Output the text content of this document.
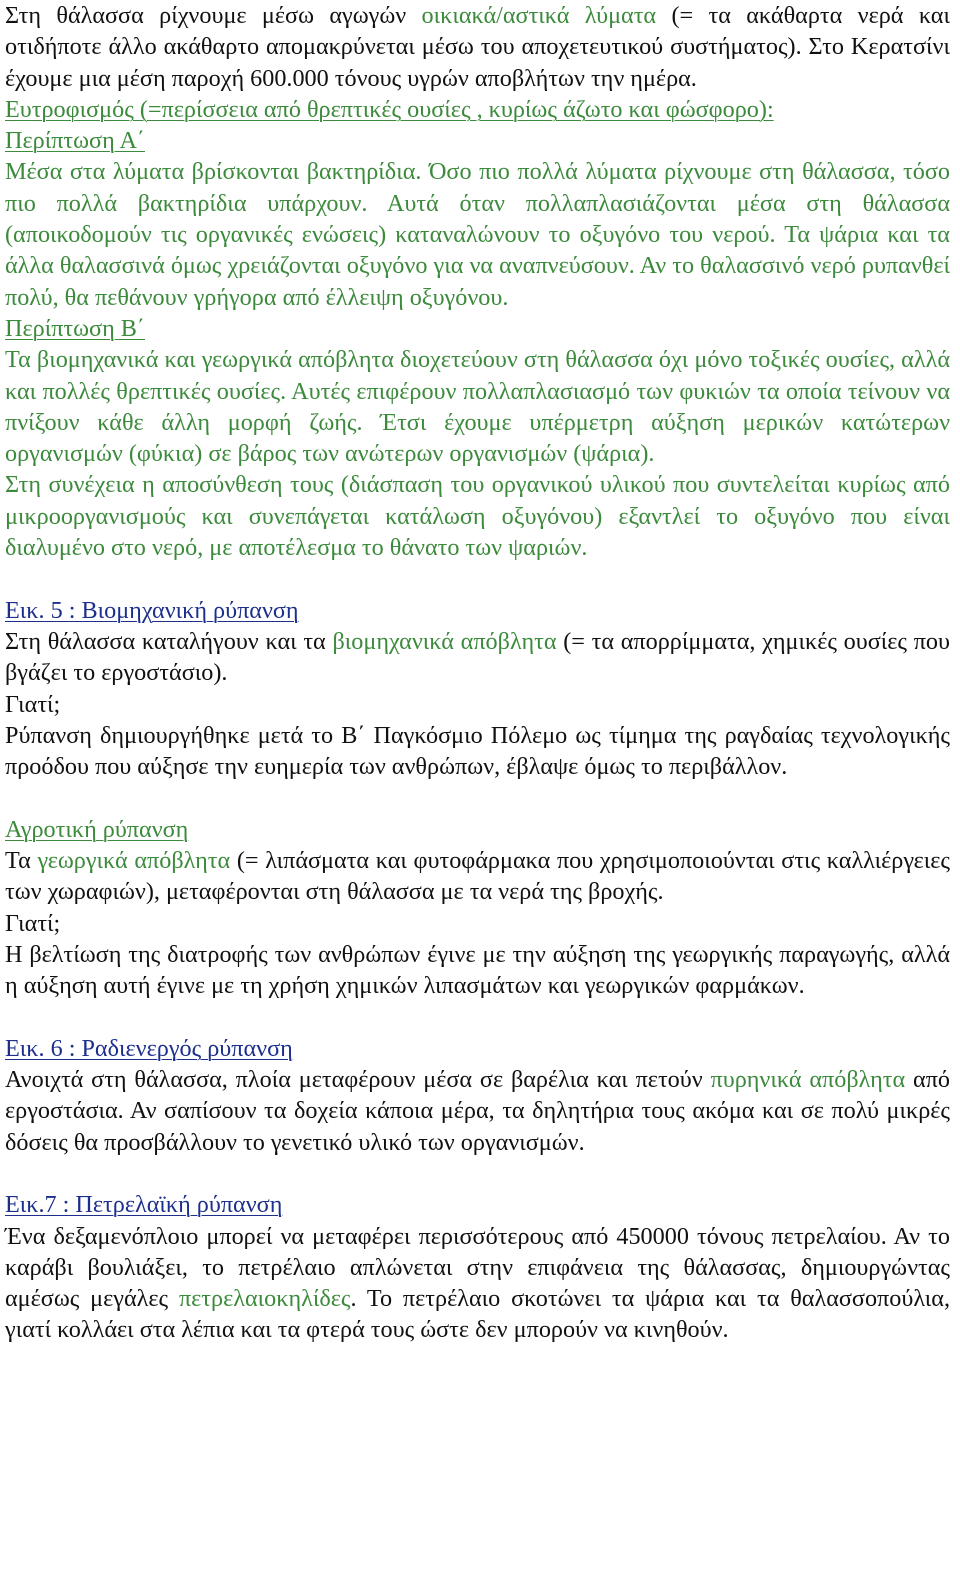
Στη θάλασσα ρίχνουμε μέσω αγωγών οικιακά/αστικά λύματα (= τα ακάθαρτα νερά και οτιδήποτε άλλο ακάθαρτο απομακρύνεται μέσω του αποχετευτικού συστήματος). Στο Κερατσίνι έχουμε μια μέση παροχή 600.000 τόνους υγρών αποβλήτων την ημέρα.

Ευτροφισμός (=περίσσεια από θρεπτικές ουσίες , κυρίως άζωτο και φώσφορο):

Περίπτωση Α΄

Μέσα στα λύματα βρίσκονται βακτηρίδια. Όσο πιο πολλά λύματα ρίχνουμε στη θάλασσα, τόσο πιο πολλά βακτηρίδια υπάρχουν. Αυτά όταν πολλαπλασιάζονται μέσα στη θάλασσα (αποικοδομούν τις οργανικές ενώσεις) καταναλώνουν το οξυγόνο του νερού. Τα ψάρια και τα άλλα θαλασσινά όμως χρειάζονται οξυγόνο για να αναπνεύσουν. Αν το θαλασσινό νερό ρυπανθεί πολύ, θα πεθάνουν γρήγορα από έλλειψη οξυγόνου.

Περίπτωση Β΄

Τα βιομηχανικά και γεωργικά απόβλητα διοχετεύουν στη θάλασσα όχι μόνο τοξικές ουσίες, αλλά και πολλές θρεπτικές ουσίες. Αυτές επιφέρουν πολλαπλασιασμό των φυκιών τα οποία τείνουν να πνίξουν κάθε άλλη μορφή ζωής. Έτσι έχουμε υπέρμετρη αύξηση μερικών κατώτερων οργανισμών (φύκια) σε βάρος των ανώτερων οργανισμών (ψάρια).

Στη συνέχεια η αποσύνθεση τους (διάσπαση του οργανικού υλικού που συντελείται κυρίως από μικροοργανισμούς και συνεπάγεται κατάλωση οξυγόνου) εξαντλεί το οξυγόνο που είναι διαλυμένο στο νερό, με αποτέλεσμα το θάνατο των ψαριών.

Εικ. 5 : Βιομηχανική ρύπανση

Στη θάλασσα καταλήγουν και τα βιομηχανικά απόβλητα (= τα απορρίμματα, χημικές ουσίες που βγάζει το εργοστάσιο).

Γιατί;

Ρύπανση δημιουργήθηκε μετά το Β΄ Παγκόσμιο Πόλεμο ως τίμημα της ραγδαίας τεχνολογικής προόδου που αύξησε την ευημερία των ανθρώπων, έβλαψε όμως το περιβάλλον.

Αγροτική ρύπανση

Τα γεωργικά απόβλητα (= λιπάσματα και φυτοφάρμακα που χρησιμοποιούνται στις καλλιέργειες των χωραφιών), μεταφέρονται στη θάλασσα με τα νερά της βροχής.

Γιατί;

Η βελτίωση της διατροφής των ανθρώπων έγινε με την αύξηση της γεωργικής παραγωγής, αλλά η αύξηση αυτή έγινε με τη χρήση χημικών λιπασμάτων και γεωργικών φαρμάκων.

Εικ. 6 : Ραδιενεργός ρύπανση

Ανοιχτά στη θάλασσα, πλοία μεταφέρουν μέσα σε βαρέλια και πετούν πυρηνικά απόβλητα από εργοστάσια. Αν σαπίσουν τα δοχεία κάποια μέρα, τα δηλητήρια τους ακόμα και σε πολύ μικρές δόσεις θα προσβάλλουν το γενετικό υλικό των οργανισμών.

Εικ.7 : Πετρελαϊκή ρύπανση

Ένα δεξαμενόπλοιο μπορεί να μεταφέρει περισσότερους από 450000 τόνους πετρελαίου. Αν το καράβι βουλιάξει, το πετρέλαιο απλώνεται στην επιφάνεια της θάλασσας, δημιουργώντας αμέσως μεγάλες πετρελαιοκηλίδες. Το πετρέλαιο σκοτώνει τα ψάρια και τα θαλασσοπούλια, γιατί κολλάει στα λέπια και τα φτερά τους ώστε δεν μπορούν να κινηθούν.
